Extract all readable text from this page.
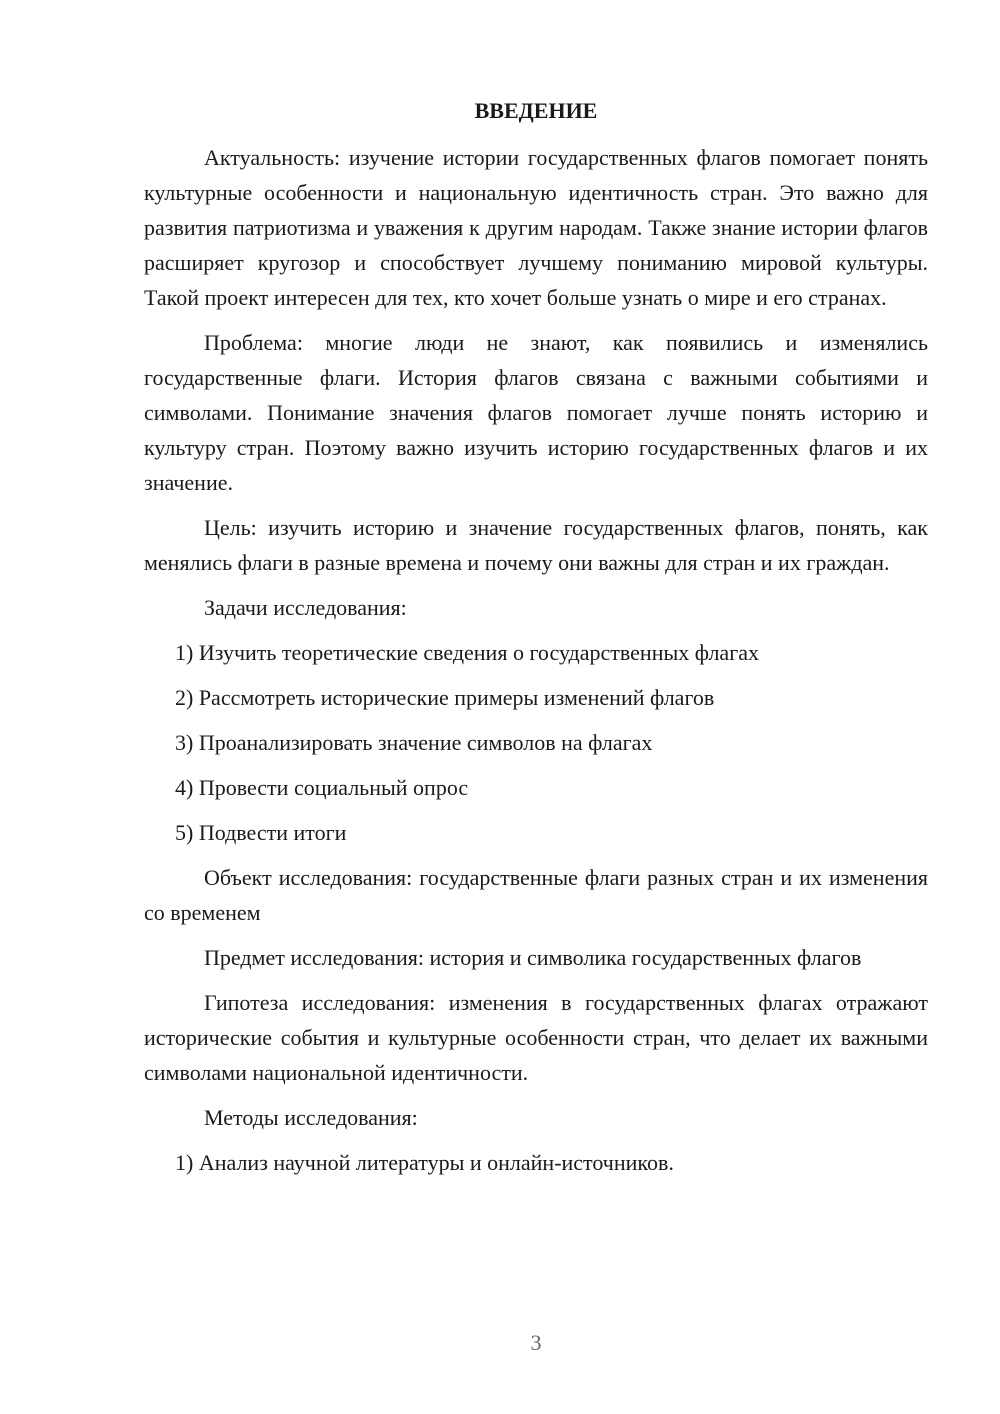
ВВЕДЕНИЕ

Актуальность: изучение истории государственных флагов помогает понять культурные особенности и национальную идентичность стран. Это важно для развития патриотизма и уважения к другим народам. Также знание истории флагов расширяет кругозор и способствует лучшему пониманию мировой культуры. Такой проект интересен для тех, кто хочет больше узнать о мире и его странах.

Проблема: многие люди не знают, как появились и изменялись государственные флаги. История флагов связана с важными событиями и символами. Понимание значения флагов помогает лучше понять историю и культуру стран. Поэтому важно изучить историю государственных флагов и их значение.

Цель: изучить историю и значение государственных флагов, понять, как менялись флаги в разные времена и почему они важны для стран и их граждан.

Задачи исследования:

1) Изучить теоретические сведения о государственных флагах
2) Рассмотреть исторические примеры изменений флагов
3) Проанализировать значение символов на флагах
4) Провести социальный опрос
5) Подвести итоги

Объект исследования: государственные флаги разных стран и их изменения со временем

Предмет исследования: история и символика государственных флагов

Гипотеза исследования: изменения в государственных флагах отражают исторические события и культурные особенности стран, что делает их важными символами национальной идентичности.

Методы исследования:

1) Анализ научной литературы и онлайн-источников.
3
